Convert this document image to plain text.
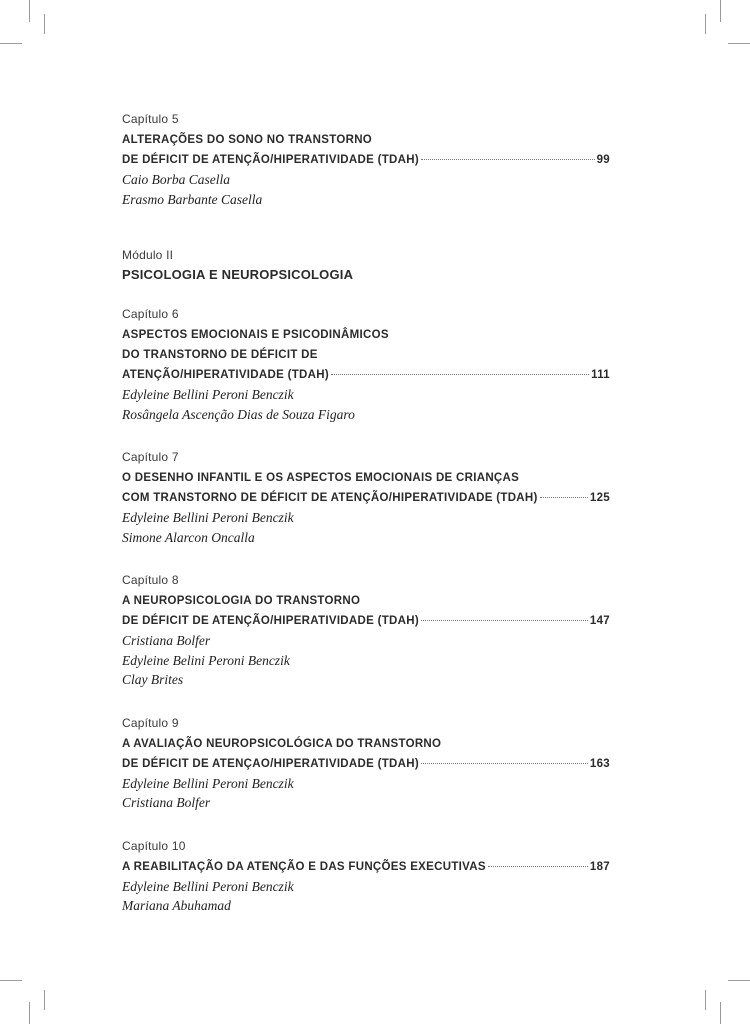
Capítulo 5

ALTERAÇÕES DO SONO NO TRANSTORNO

DE DÉFICIT DE ATENÇÃO/HIPERATIVIDADE (TDAH)	99

Caio Borba Casella

Erasmo Barbante Casella

Módulo II

PSICOLOGIA E NEUROPSICOLOGIA

Capítulo 6

ASPECTOS EMOCIONAIS E PSICODINÂMICOS

DO TRANSTORNO DE DÉFICIT DE

ATENÇÃO/HIPERATIVIDADE (TDAH)	111

Edyleine Bellini Peroni Benczik

Rosângela Ascenção Dias de Souza Figaro

Capítulo 7

O DESENHO INFANTIL E OS ASPECTOS EMOCIONAIS DE CRIANÇAS

COM TRANSTORNO DE DÉFICIT DE ATENÇÃO/HIPERATIVIDADE (TDAH)	125

Edyleine Bellini Peroni Benczik

Simone Alarcon Oncalla

Capítulo 8

A NEUROPSICOLOGIA DO TRANSTORNO

DE DÉFICIT DE ATENÇÃO/HIPERATIVIDADE (TDAH)	147

Cristiana Bolfer

Edyleine Belini Peroni Benczik

Clay Brites

Capítulo 9

A AVALIAÇÃO NEUROPSICOLÓGICA DO TRANSTORNO

DE DÉFICIT DE ATENÇAO/HIPERATIVIDADE (TDAH)	163

Edyleine Bellini Peroni Benczik

Cristiana Bolfer

Capítulo 10

A REABILITAÇÃO DA ATENÇÃO E DAS FUNÇÕES EXECUTIVAS	187

Edyleine Bellini Peroni Benczik

Mariana Abuhamad
